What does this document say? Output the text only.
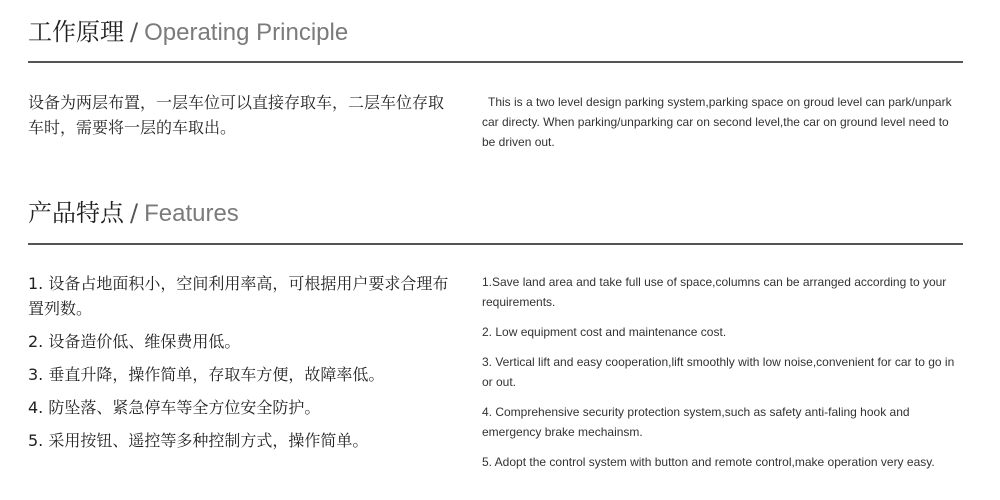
工作原理 / Operating Principle
设备为两层布置，一层车位可以直接存取车，二层车位存取车时，需要将一层的车取出。
This is a two level design parking system,parking space on groud level can park/unpark car directy. When parking/unparking car on second level,the car on ground level need to be driven out.
产品特点 / Features
1. 设备占地面积小，空间利用率高，可根据用户要求合理布置列数。
2. 设备造价低、维保费用低。
3. 垂直升降，操作简单，存取车方便，故障率低。
4. 防坠落、紧急停车等全方位安全防护。
5. 采用按钮、遥控等多种控制方式，操作简单。
1.Save land area and take full use of space,columns can be arranged according to your requirements.
2. Low equipment cost and maintenance cost.
3. Vertical lift and easy cooperation,lift smoothly with low noise,convenient for car to go in or out.
4. Comprehensive security protection system,such as safety anti-faling hook and emergency brake mechainsm.
5. Adopt the control system with button and remote control,make operation very easy.
